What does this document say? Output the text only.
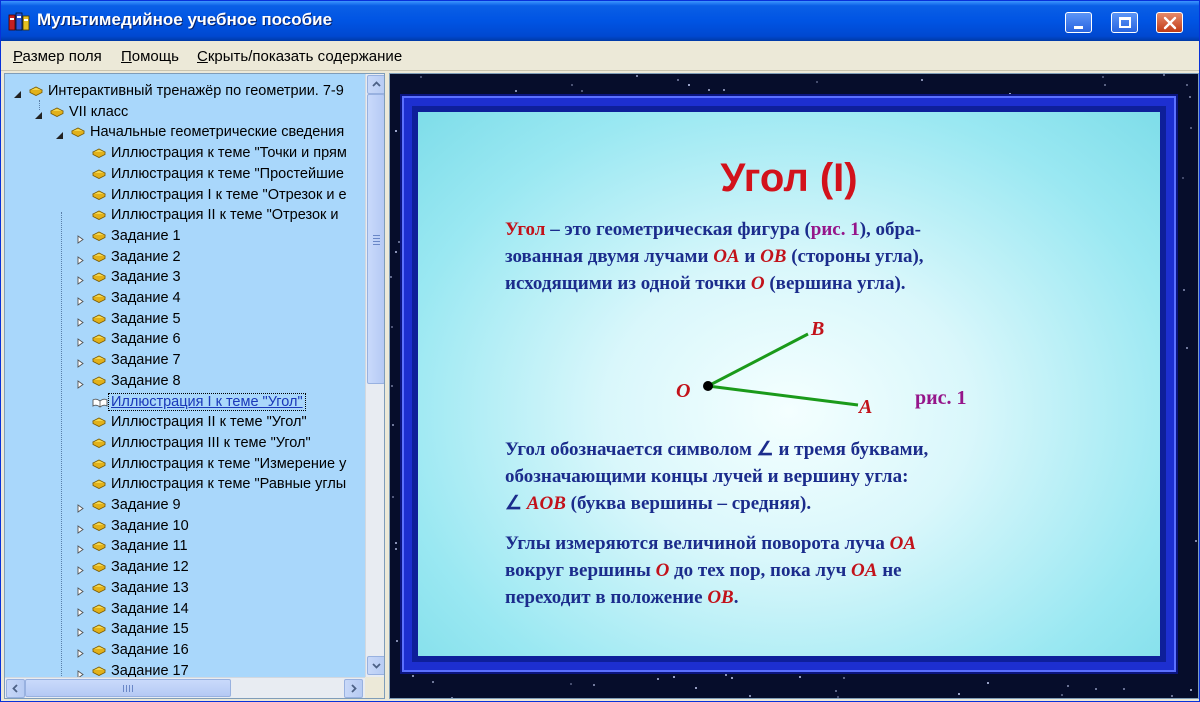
Мультимедийное учебное пособие
Размер поля Помощь Скрыть/показать содержание
Интерактивный тренажёр по геометрии. 7-9
VII класс
Начальные геометрические сведения
Иллюстрация к теме "Точки и прям
Иллюстрация к теме "Простейшие
Иллюстрация I к теме "Отрезок и е
Иллюстрация II к теме "Отрезок и
Задание 1
Задание 2
Задание 3
Задание 4
Задание 5
Задание 6
Задание 7
Задание 8
Иллюстрация I к теме "Угол"
Иллюстрация II к теме "Угол"
Иллюстрация III к теме "Угол"
Иллюстрация к теме "Измерение у
Иллюстрация к теме "Равные углы
Задание 9
Задание 10
Задание 11
Задание 12
Задание 13
Задание 14
Задание 15
Задание 16
Задание 17
Угол (I)
Угол – это геометрическая фигура (рис. 1), обра-
зованная двумя лучами OA и OB (стороны угла),
исходящими из одной точки O (вершина угла).
O
B
A рис. 1
Угол обозначается символом ∠ и тремя буквами,
обозначающими концы лучей и вершину угла:
∠ AOB (буква вершины – средняя).
Углы измеряются величиной поворота луча OA
вокруг вершины O до тех пор, пока луч OA не
переходит в положение OB.
